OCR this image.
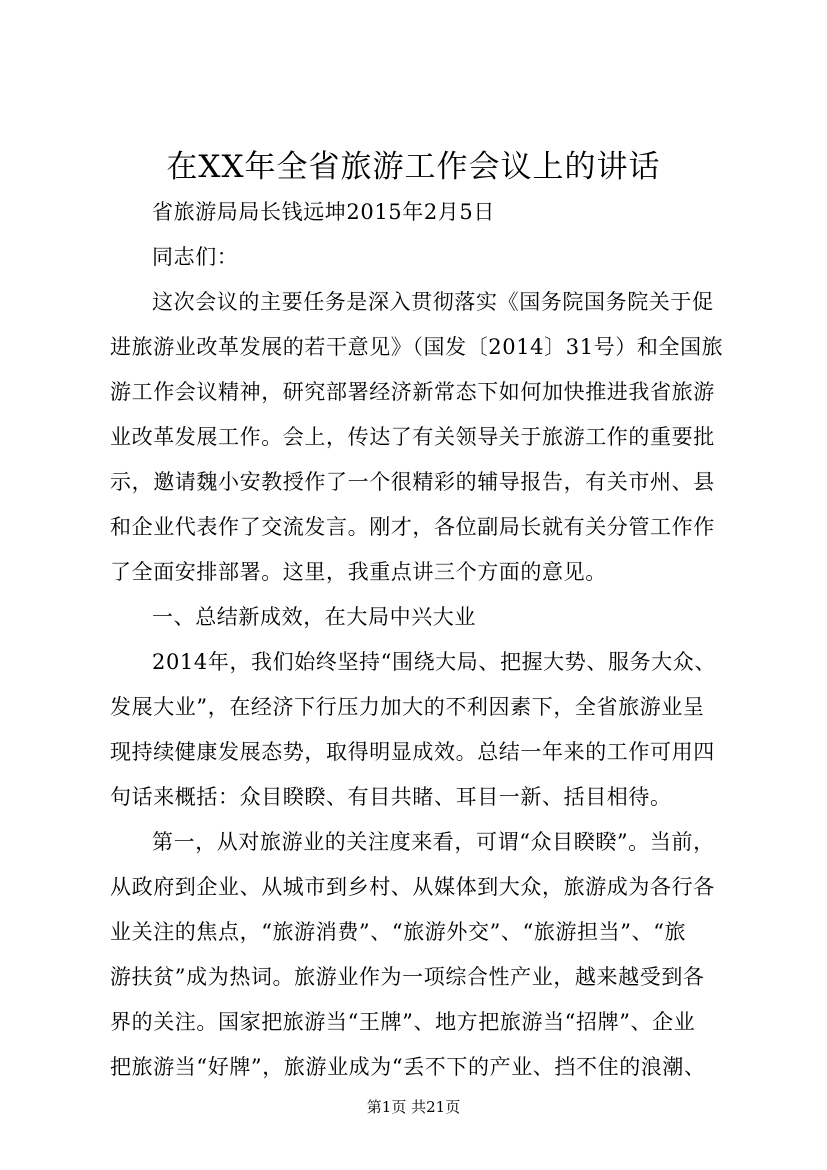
在XX年全省旅游工作会议上的讲话

省旅游局局长钱远坤2015年2月5日

同志们：

这次会议的主要任务是深入贯彻落实《国务院国务院关于促

进旅游业改革发展的若干意见》（国发〔2014〕31号）和全国旅

游工作会议精神，研究部署经济新常态下如何加快推进我省旅游

业改革发展工作。会上，传达了有关领导关于旅游工作的重要批

示，邀请魏小安教授作了一个很精彩的辅导报告，有关市州、县

和企业代表作了交流发言。刚才，各位副局长就有关分管工作作

了全面安排部署。这里，我重点讲三个方面的意见。

一、总结新成效，在大局中兴大业

2014年，我们始终坚持“围绕大局、把握大势、服务大众、

发展大业”，在经济下行压力加大的不利因素下，全省旅游业呈

现持续健康发展态势，取得明显成效。总结一年来的工作可用四

句话来概括：众目睽睽、有目共睹、耳目一新、括目相待。

第一，从对旅游业的关注度来看，可谓“众目睽睽”。当前，

从政府到企业、从城市到乡村、从媒体到大众，旅游成为各行各

业关注的焦点，“旅游消费”、“旅游外交”、“旅游担当”、“旅

游扶贫”成为热词。旅游业作为一项综合性产业，越来越受到各

界的关注。国家把旅游当“王牌”、地方把旅游当“招牌”、企业

把旅游当“好牌”，旅游业成为“丢不下的产业、挡不住的浪潮、

第1页 共21页
